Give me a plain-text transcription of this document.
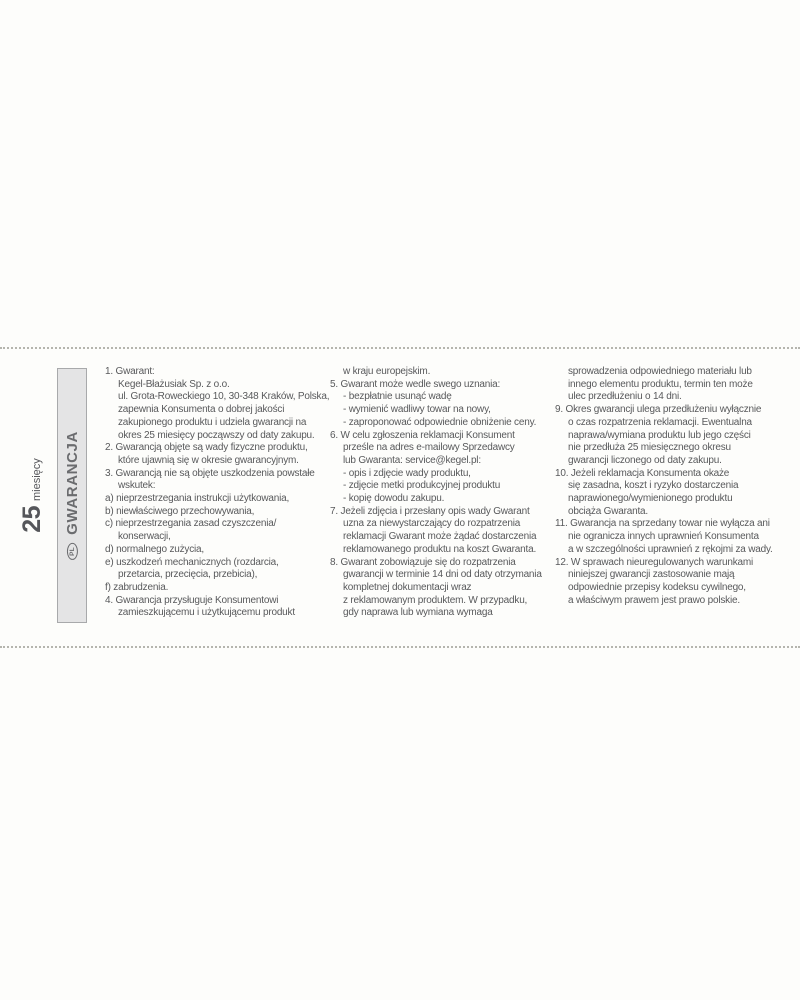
25
miesięcy
PL
GWARANCJA
1. Gwarant:
Kegel-Błażusiak Sp. z o.o.
ul. Grota-Roweckiego 10, 30-348 Kraków, Polska,
zapewnia Konsumenta o dobrej jakości
zakupionego produktu i udziela gwarancji na
okres 25 miesięcy począwszy od daty zakupu.
2. Gwarancją objęte są wady fizyczne produktu,
które ujawnią się w okresie gwarancyjnym.
3. Gwarancją nie są objęte uszkodzenia powstałe
wskutek:
a) nieprzestrzegania instrukcji użytkowania,
b) niewłaściwego przechowywania,
c) nieprzestrzegania zasad czyszczenia/
konserwacji,
d) normalnego zużycia,
e) uszkodzeń mechanicznych (rozdarcia,
przetarcia, przecięcia, przebicia),
f) zabrudzenia.
4. Gwarancja przysługuje Konsumentowi
zamieszkującemu i użytkującemu produkt
w kraju europejskim.
5. Gwarant może wedle swego uznania:
- bezpłatnie usunąć wadę
- wymienić wadliwy towar na nowy,
- zaproponować odpowiednie obniżenie ceny.
6. W celu zgłoszenia reklamacji Konsument
prześle na adres e-mailowy Sprzedawcy
lub Gwaranta: service@kegel.pl:
- opis i zdjęcie wady produktu,
- zdjęcie metki produkcyjnej produktu
- kopię dowodu zakupu.
7. Jeżeli zdjęcia i przesłany opis wady Gwarant
uzna za niewystarczający do rozpatrzenia
reklamacji Gwarant może żądać dostarczenia
reklamowanego produktu na koszt Gwaranta.
8. Gwarant zobowiązuje się do rozpatrzenia
gwarancji w terminie 14 dni od daty otrzymania
kompletnej dokumentacji wraz
z reklamowanym produktem. W przypadku,
gdy naprawa lub wymiana wymaga
sprowadzenia odpowiedniego materiału lub
innego elementu produktu, termin ten może
ulec przedłużeniu o 14 dni.
9. Okres gwarancji ulega przedłużeniu wyłącznie
o czas rozpatrzenia reklamacji. Ewentualna
naprawa/wymiana produktu lub jego części
nie przedłuża 25 miesięcznego okresu
gwarancji liczonego od daty zakupu.
10. Jeżeli reklamacja Konsumenta okaże
się zasadna, koszt i ryzyko dostarczenia
naprawionego/wymienionego produktu
obciąża Gwaranta.
11. Gwarancja na sprzedany towar nie wyłącza ani
nie ogranicza innych uprawnień Konsumenta
a w szczególności uprawnień z rękojmi za wady.
12. W sprawach nieuregulowanych warunkami
niniejszej gwarancji zastosowanie mają
odpowiednie przepisy kodeksu cywilnego,
a właściwym prawem jest prawo polskie.
